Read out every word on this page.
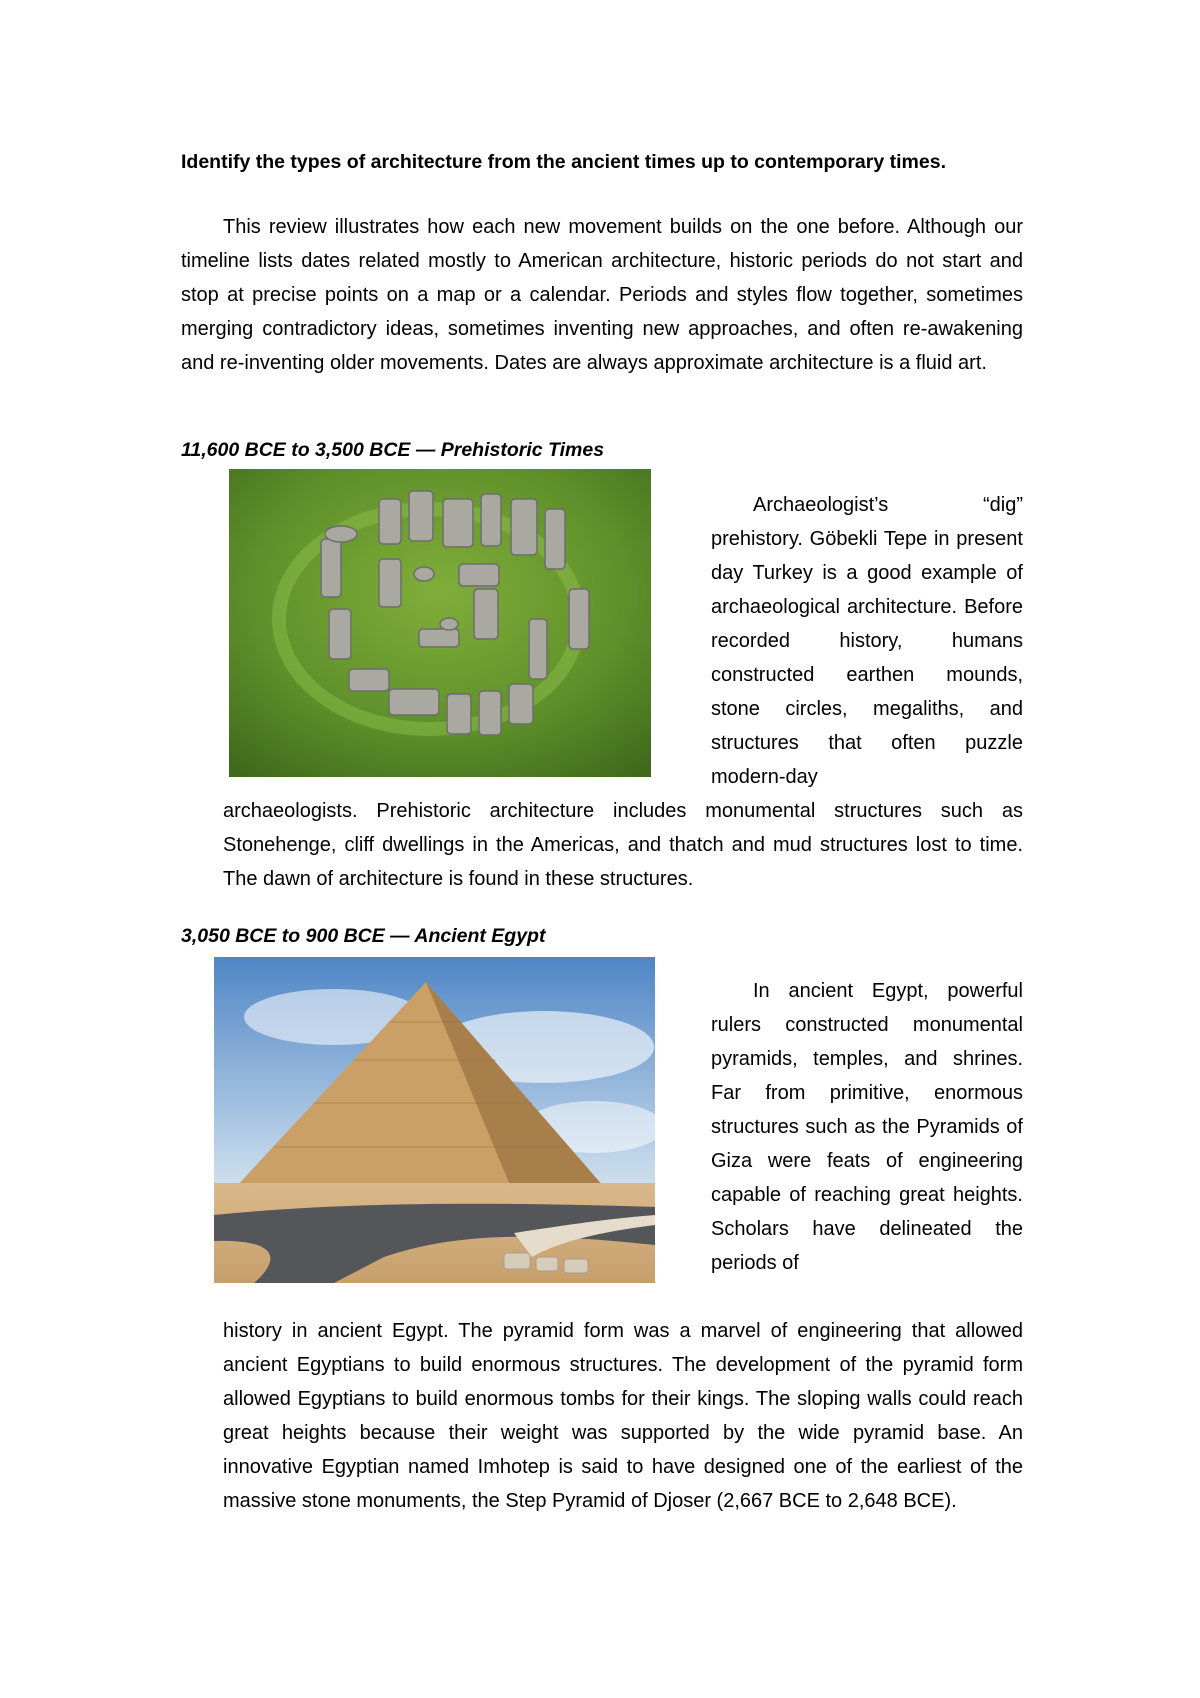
Identify the types of architecture from the ancient times up to contemporary times.
This review illustrates how each new movement builds on the one before. Although our timeline lists dates related mostly to American architecture, historic periods do not start and stop at precise points on a map or a calendar. Periods and styles flow together, sometimes merging contradictory ideas, sometimes inventing new approaches, and often re-awakening and re-inventing older movements. Dates are always approximate architecture is a fluid art.
11,600 BCE to 3,500 BCE — Prehistoric Times
Archaeologist’s “dig” prehistory. Göbekli Tepe in present day Turkey is a good example of archaeological architecture. Before recorded history, humans constructed earthen mounds, stone circles, megaliths, and structures that often puzzle modern-day
archaeologists. Prehistoric architecture includes monumental structures such as Stonehenge, cliff dwellings in the Americas, and thatch and mud structures lost to time. The dawn of architecture is found in these structures.
3,050 BCE to 900 BCE — Ancient Egypt
In ancient Egypt, powerful rulers constructed monumental pyramids, temples, and shrines. Far from primitive, enormous structures such as the Pyramids of Giza were feats of engineering capable of reaching great heights. Scholars have delineated the periods of
history in ancient Egypt. The pyramid form was a marvel of engineering that allowed ancient Egyptians to build enormous structures. The development of the pyramid form allowed Egyptians to build enormous tombs for their kings. The sloping walls could reach great heights because their weight was supported by the wide pyramid base. An innovative Egyptian named Imhotep is said to have designed one of the earliest of the massive stone monuments, the Step Pyramid of Djoser (2,667 BCE to 2,648 BCE).
